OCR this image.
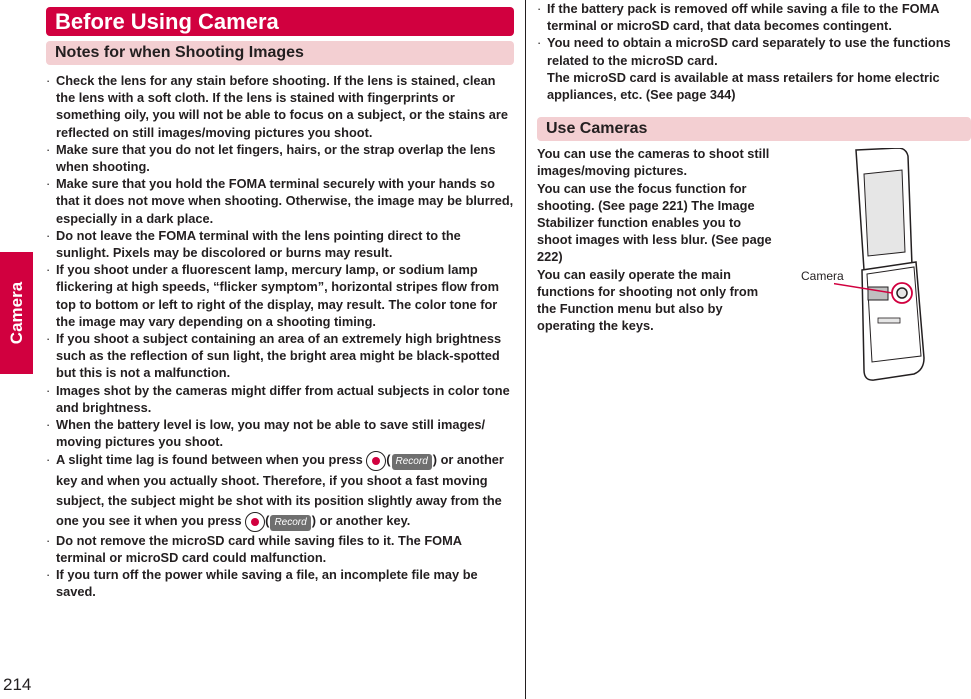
Camera
214
Before Using Camera
Notes for when Shooting Images
· Check the lens for any stain before shooting. If the lens is stained, clean the lens with a soft cloth. If the lens is stained with fingerprints or something oily, you will not be able to focus on a subject, or the stains are reflected on still images/moving pictures you shoot.
· Make sure that you do not let fingers, hairs, or the strap overlap the lens when shooting.
· Make sure that you hold the FOMA terminal securely with your hands so that it does not move when shooting. Otherwise, the image may be blurred, especially in a dark place.
· Do not leave the FOMA terminal with the lens pointing direct to the sunlight. Pixels may be discolored or burns may result.
· If you shoot under a fluorescent lamp, mercury lamp, or sodium lamp flickering at high speeds, “flicker symptom”, horizontal stripes flow from top to bottom or left to right of the display, may result. The color tone for the image may vary depending on a shooting timing.
· If you shoot a subject containing an area of an extremely high brightness such as the reflection of sun light, the bright area might be black-spotted but this is not a malfunction.
· Images shot by the cameras might differ from actual subjects in color tone and brightness.
· When the battery level is low, you may not be able to save still images/ moving pictures you shoot.
· A slight time lag is found between when you press
( Record ) or another key and when you actually shoot. Therefore, if you shoot a fast moving subject, the subject might be shot with its position slightly away from the one you see it when you press
( Record ) or another key.
· Do not remove the microSD card while saving files to it. The FOMA terminal or microSD card could malfunction.
· If you turn off the power while saving a file, an incomplete file may be saved.
· If the battery pack is removed off while saving a file to the FOMA terminal or microSD card, that data becomes contingent.
· You need to obtain a microSD card separately to use the functions related to the microSD card.
The microSD card is available at mass retailers for home electric appliances, etc. (See page 344)
Use Cameras
You can use the cameras to shoot still images/moving pictures.
You can use the focus function for shooting. (See page 221) The Image Stabilizer function enables you to shoot images with less blur. (See page 222)
You can easily operate the main functions for shooting not only from the Function menu but also by operating the keys.
Camera
